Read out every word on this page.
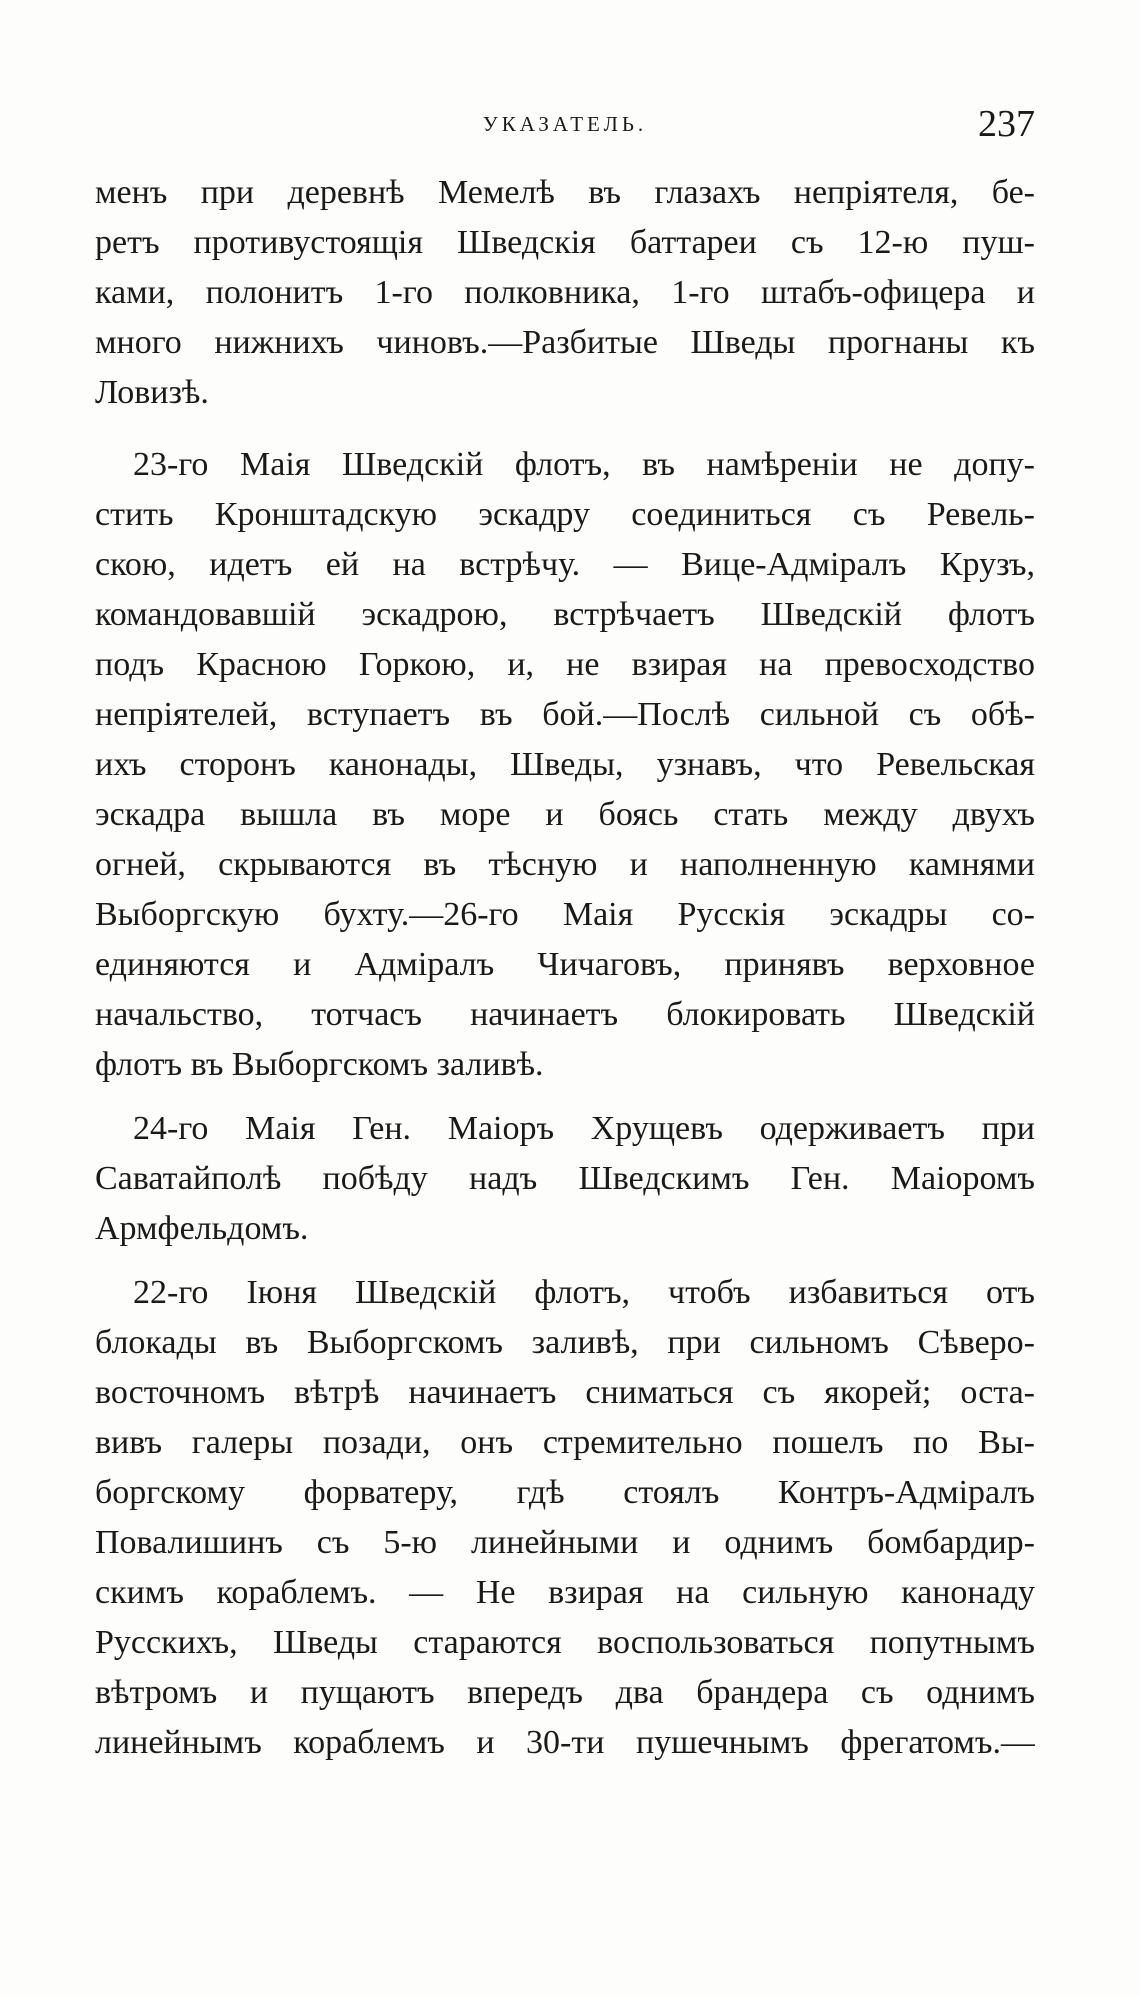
УКАЗАТЕЛЬ.	237
менъ при деревнѣ Мемелѣ въ глазахъ непріятеля, бе-
ретъ противустоящія Шведскія баттареи съ 12-ю пуш-
ками, полонитъ 1-го полковника, 1-го штабъ-офицера и
много нижнихъ чиновъ.—Разбитые Шведы прогнаны къ
Ловизѣ.
23-го Маія Шведскій флотъ, въ намѣреніи не допу-
стить Кронштадскую эскадру соединиться съ Ревель-
скою, идетъ ей на встрѣчу. — Вице-Адміралъ Крузъ,
командовавшій эскадрою, встрѣчаетъ Шведскій флотъ
подъ Красною Горкою, и, не взирая на превосходство
непріятелей, вступаетъ въ бой.—Послѣ сильной съ обѣ-
ихъ сторонъ канонады, Шведы, узнавъ, что Ревельская
эскадра вышла въ море и боясь стать между двухъ
огней, скрываются въ тѣсную и наполненную камнями
Выборгскую бухту.—26-го Маія Русскія эскадры со-
единяются и Адміралъ Чичаговъ, принявъ верховное
начальство, тотчасъ начинаетъ блокировать Шведскій
флотъ въ Выборгскомъ заливѣ.
24-го Маія Ген. Маіоръ Хрущевъ одерживаетъ при
Саватайполѣ побѣду надъ Шведскимъ Ген. Маіоромъ
Армфельдомъ.
22-го Іюня Шведскій флотъ, чтобъ избавиться отъ
блокады въ Выборгскомъ заливѣ, при сильномъ Сѣверо-
восточномъ вѣтрѣ начинаетъ сниматься съ якорей; оста-
вивъ галеры позади, онъ стремительно пошелъ по Вы-
боргскому форватеру, гдѣ стоялъ Контръ-Адміралъ
Повалишинъ съ 5-ю линейными и однимъ бомбардир-
скимъ кораблемъ. — Не взирая на сильную канонаду
Русскихъ, Шведы стараются воспользоваться попутнымъ
вѣтромъ и пущаютъ впередъ два брандера съ однимъ
линейнымъ кораблемъ и 30-ти пушечнымъ фрегатомъ.—
